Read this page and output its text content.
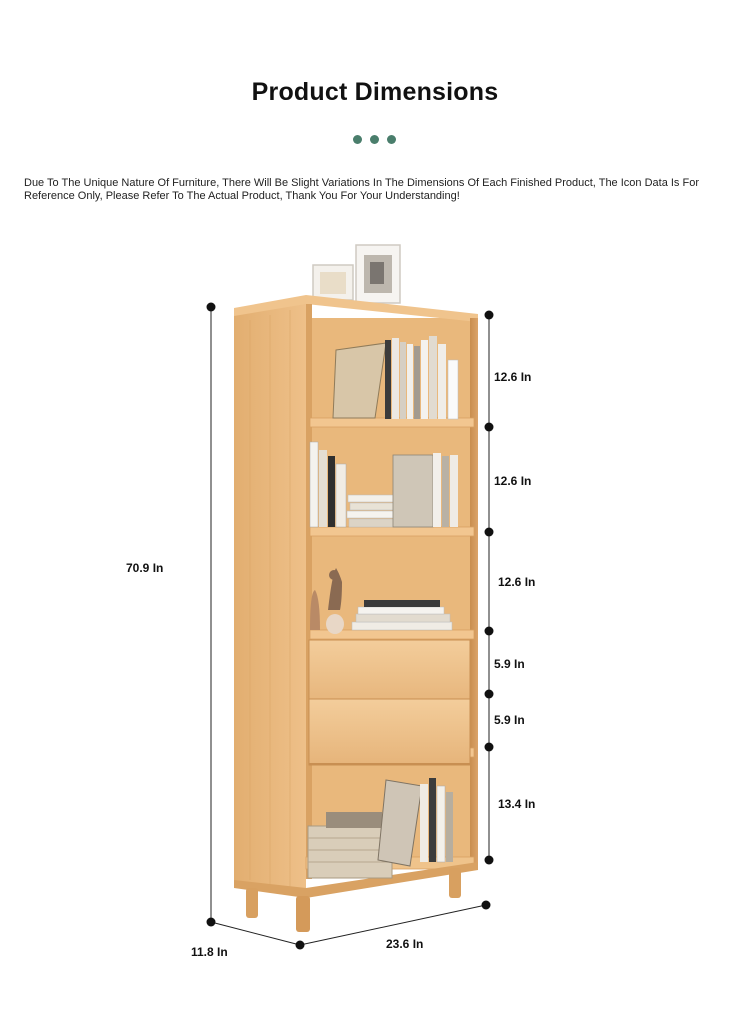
Product Dimensions
Due To The Unique Nature Of Furniture, There Will Be Slight Variations In The Dimensions Of Each Finished Product, The Icon Data Is For Reference Only, Please Refer To The Actual Product, Thank You For Your Understanding!
70.9 In
12.6 In
12.6 In
12.6 In
5.9 In
5.9 In
13.4 In
11.8 In
23.6 In
